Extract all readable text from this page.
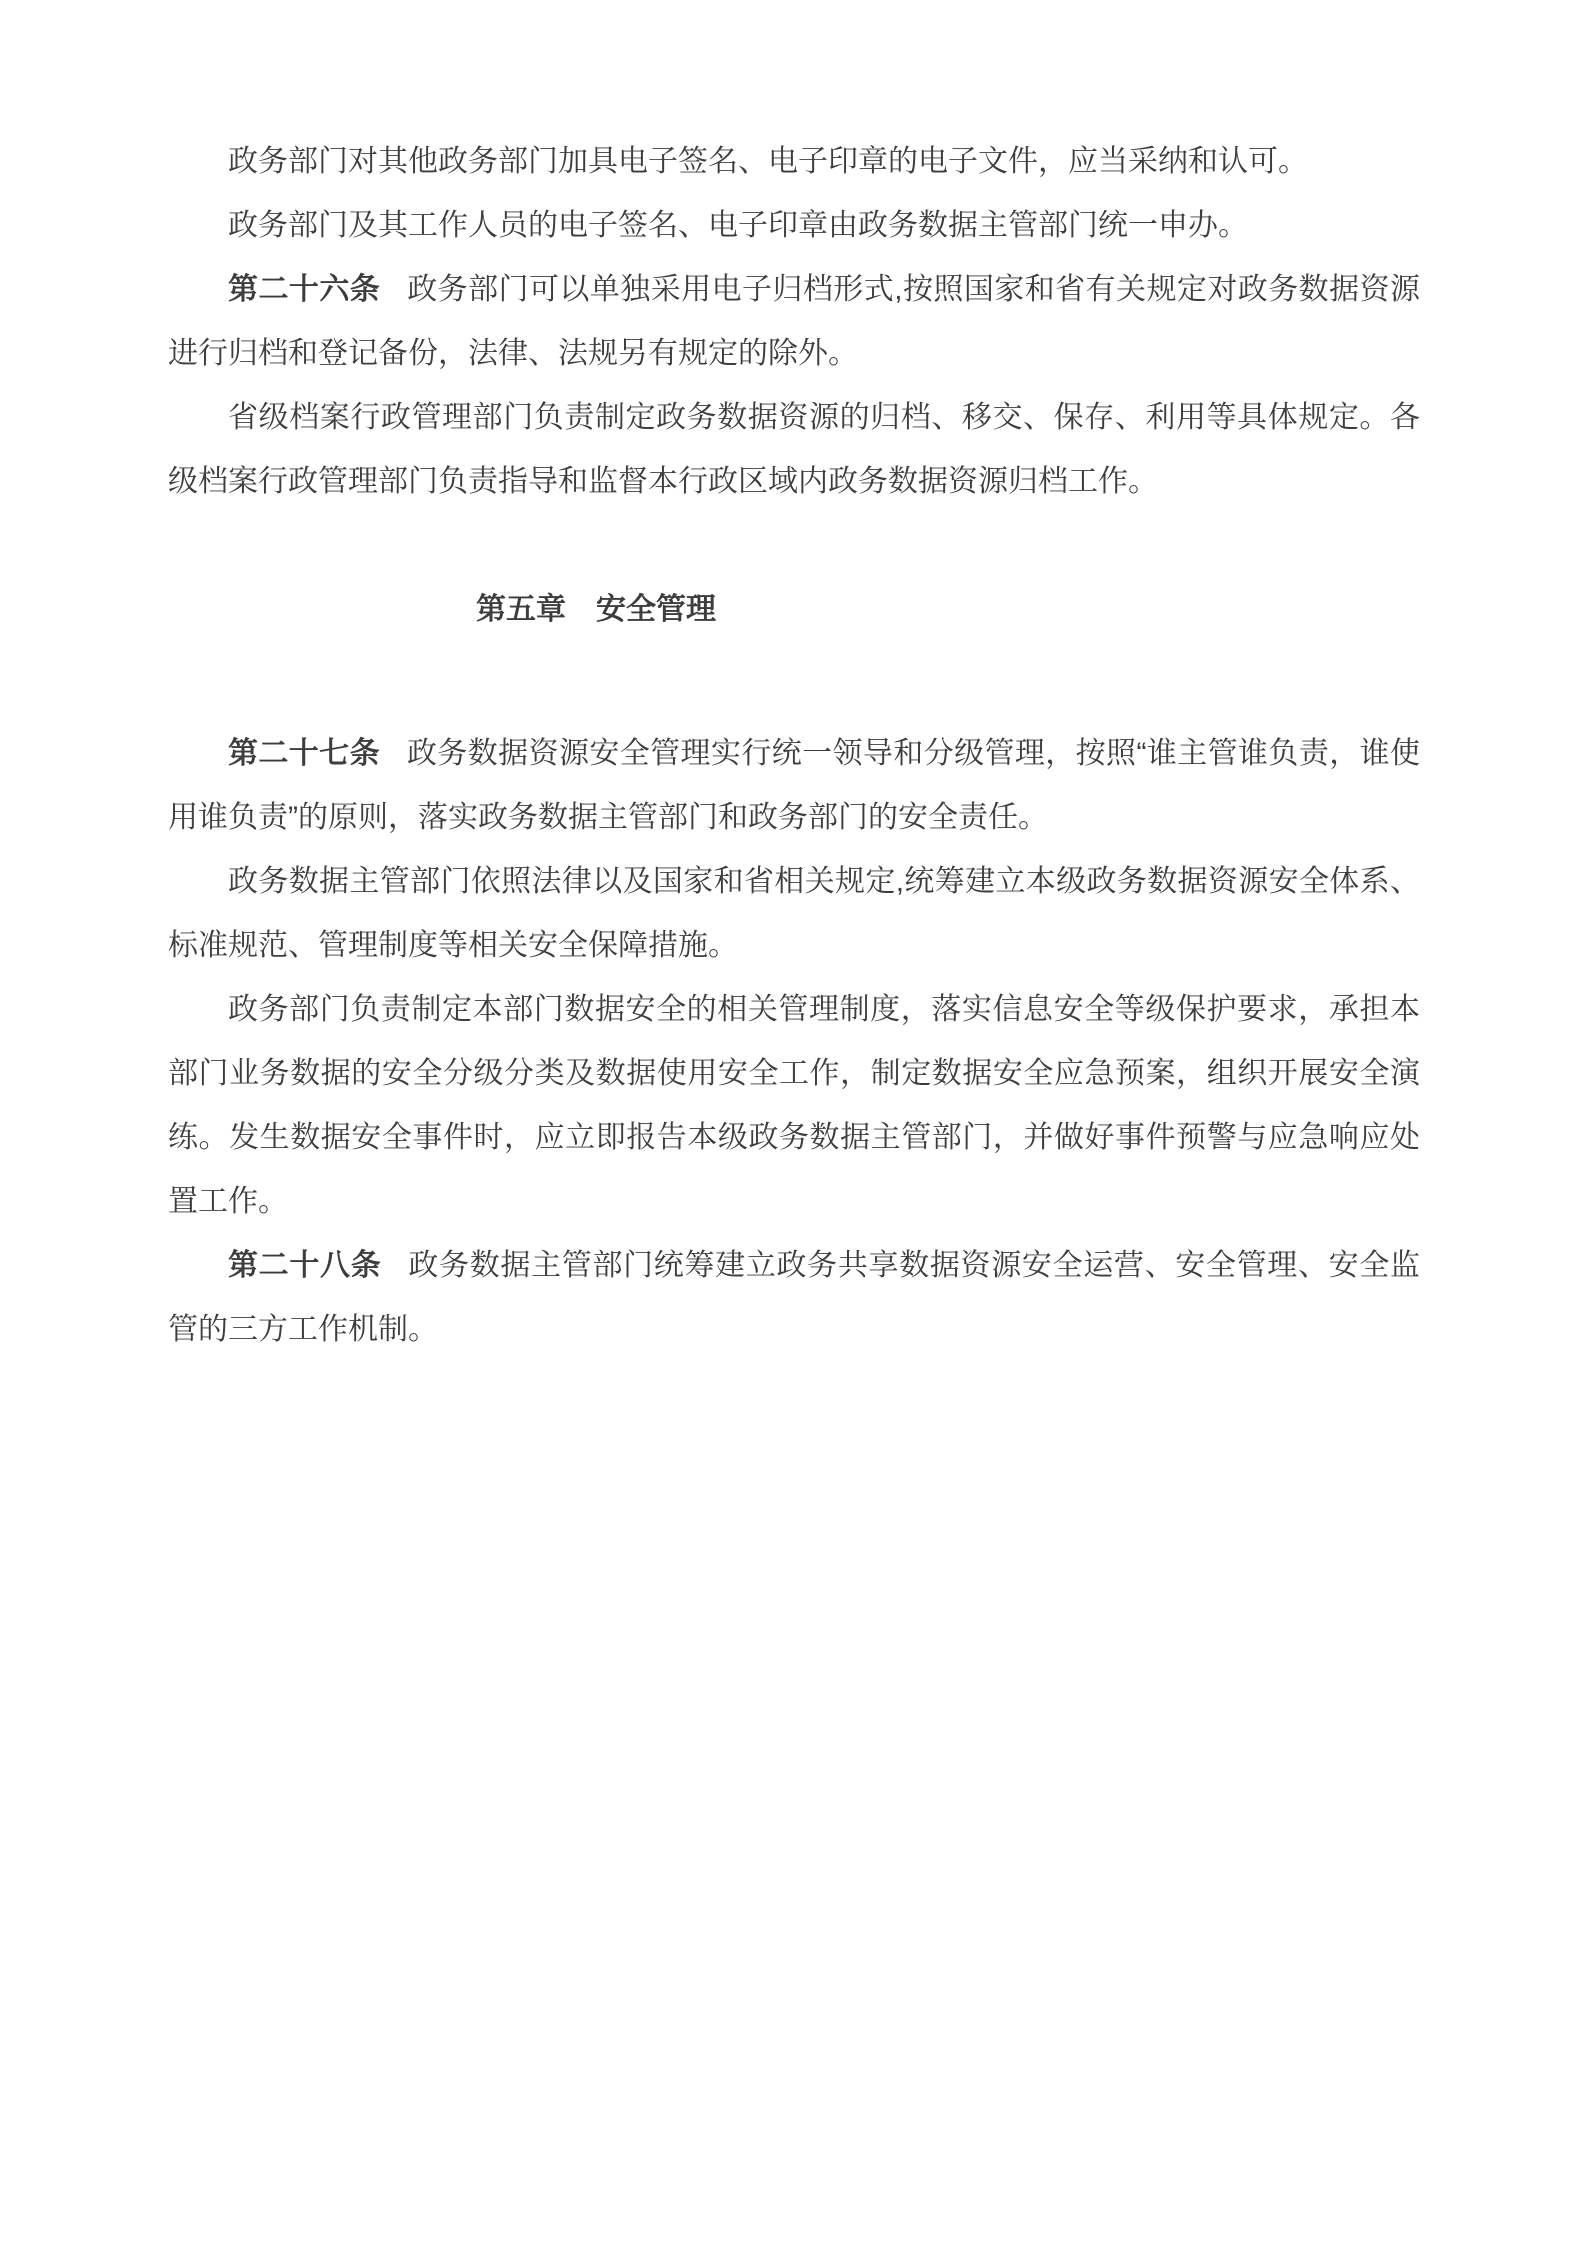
政务部门对其他政务部门加具电子签名、电子印章的电子文件，应当采纳和认可。

政务部门及其工作人员的电子签名、电子印章由政务数据主管部门统一申办。

第二十六条 政务部门可以单独采用电子归档形式,按照国家和省有关规定对政务数据资源进行归档和登记备份，法律、法规另有规定的除外。

省级档案行政管理部门负责制定政务数据资源的归档、移交、保存、利用等具体规定。各级档案行政管理部门负责指导和监督本行政区域内政务数据资源归档工作。

第五章　安全管理

第二十七条 政务数据资源安全管理实行统一领导和分级管理，按照“谁主管谁负责，谁使用谁负责”的原则，落实政务数据主管部门和政务部门的安全责任。

政务数据主管部门依照法律以及国家和省相关规定,统筹建立本级政务数据资源安全体系、标准规范、管理制度等相关安全保障措施。

政务部门负责制定本部门数据安全的相关管理制度，落实信息安全等级保护要求，承担本部门业务数据的安全分级分类及数据使用安全工作，制定数据安全应急预案，组织开展安全演练。发生数据安全事件时，应立即报告本级政务数据主管部门，并做好事件预警与应急响应处置工作。

第二十八条 政务数据主管部门统筹建立政务共享数据资源安全运营、安全管理、安全监管的三方工作机制。
